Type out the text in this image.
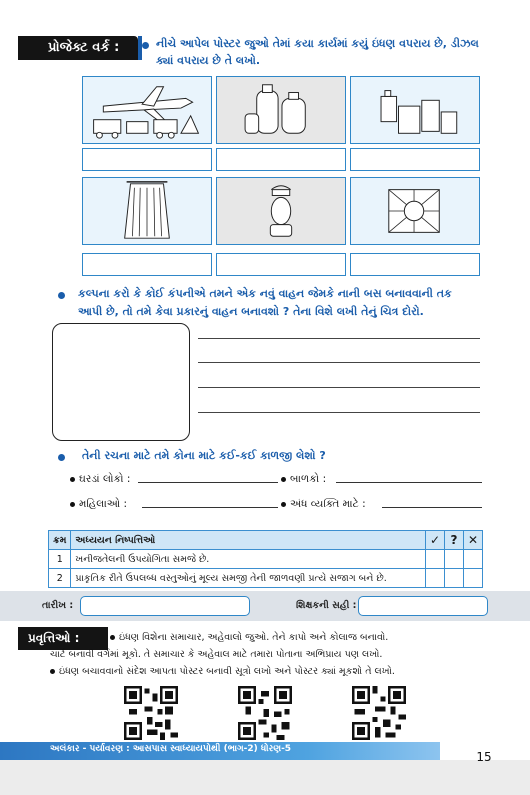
પ્રોજેક્ટ વર્ક :	નીચે આપેલ પોસ્ટર જુઓ તેમાં કયા કાર્યમાં કયું ઇંધણ વપરાય છે, ડીઝલ
ક્યાં વપરાય છે તે લખો.
કલ્પના કરો કે કોઈ કંપનીએ તમને એક નવું વાહન જેમકે નાની બસ બનાવવાની તક
આપી છે, તો તમે કેવા પ્રકારનું વાહન બનાવશો ? તેના વિશે લખી તેનું ચિત્ર દોરો.
તેની રચના માટે તમે કોના માટે કઈ-કઈ કાળજી લેશો ?
ઘરડાં લોકો :	બાળકો :
મહિલાઓ :	અંધ વ્યક્તિ માટે :
ક્રમ	અધ્યયન નિષ્પત્તિઓ	✓	?	✕
1	ખનીજતેલની ઉપયોગિતા સમજે છે.			
2	પ્રાકૃતિક રીતે ઉપલબ્ધ વસ્તુઓનું મૂલ્ય સમજી તેની જાળવણી પ્રત્યે સજાગ બને છે.			
તારીખ :	શિક્ષકની સહી :
પ્રવૃત્તિઓ :	ઇંધણ વિશેના સમાચાર, અહેવાલો જુઓ. તેને કાપો અને કોલાજ બનાવો.
ચાર્ટ બનાવી વર્ગમાં મૂકો. તે સમાચાર કે અહેવાલ માટે તમારા પોતાના અભિપ્રાય પણ લખો.
ઇંધણ બચાવવાનો સંદેશ આપતા પોસ્ટર બનાવી સૂત્રો લખો અને પોસ્ટર ક્યાં મૂકશો તે લખો.
અલંકાર - પર્યાવરણ : આસપાસ સ્વાધ્યાયપોથી (ભાગ-2) ધોરણ-5
15
